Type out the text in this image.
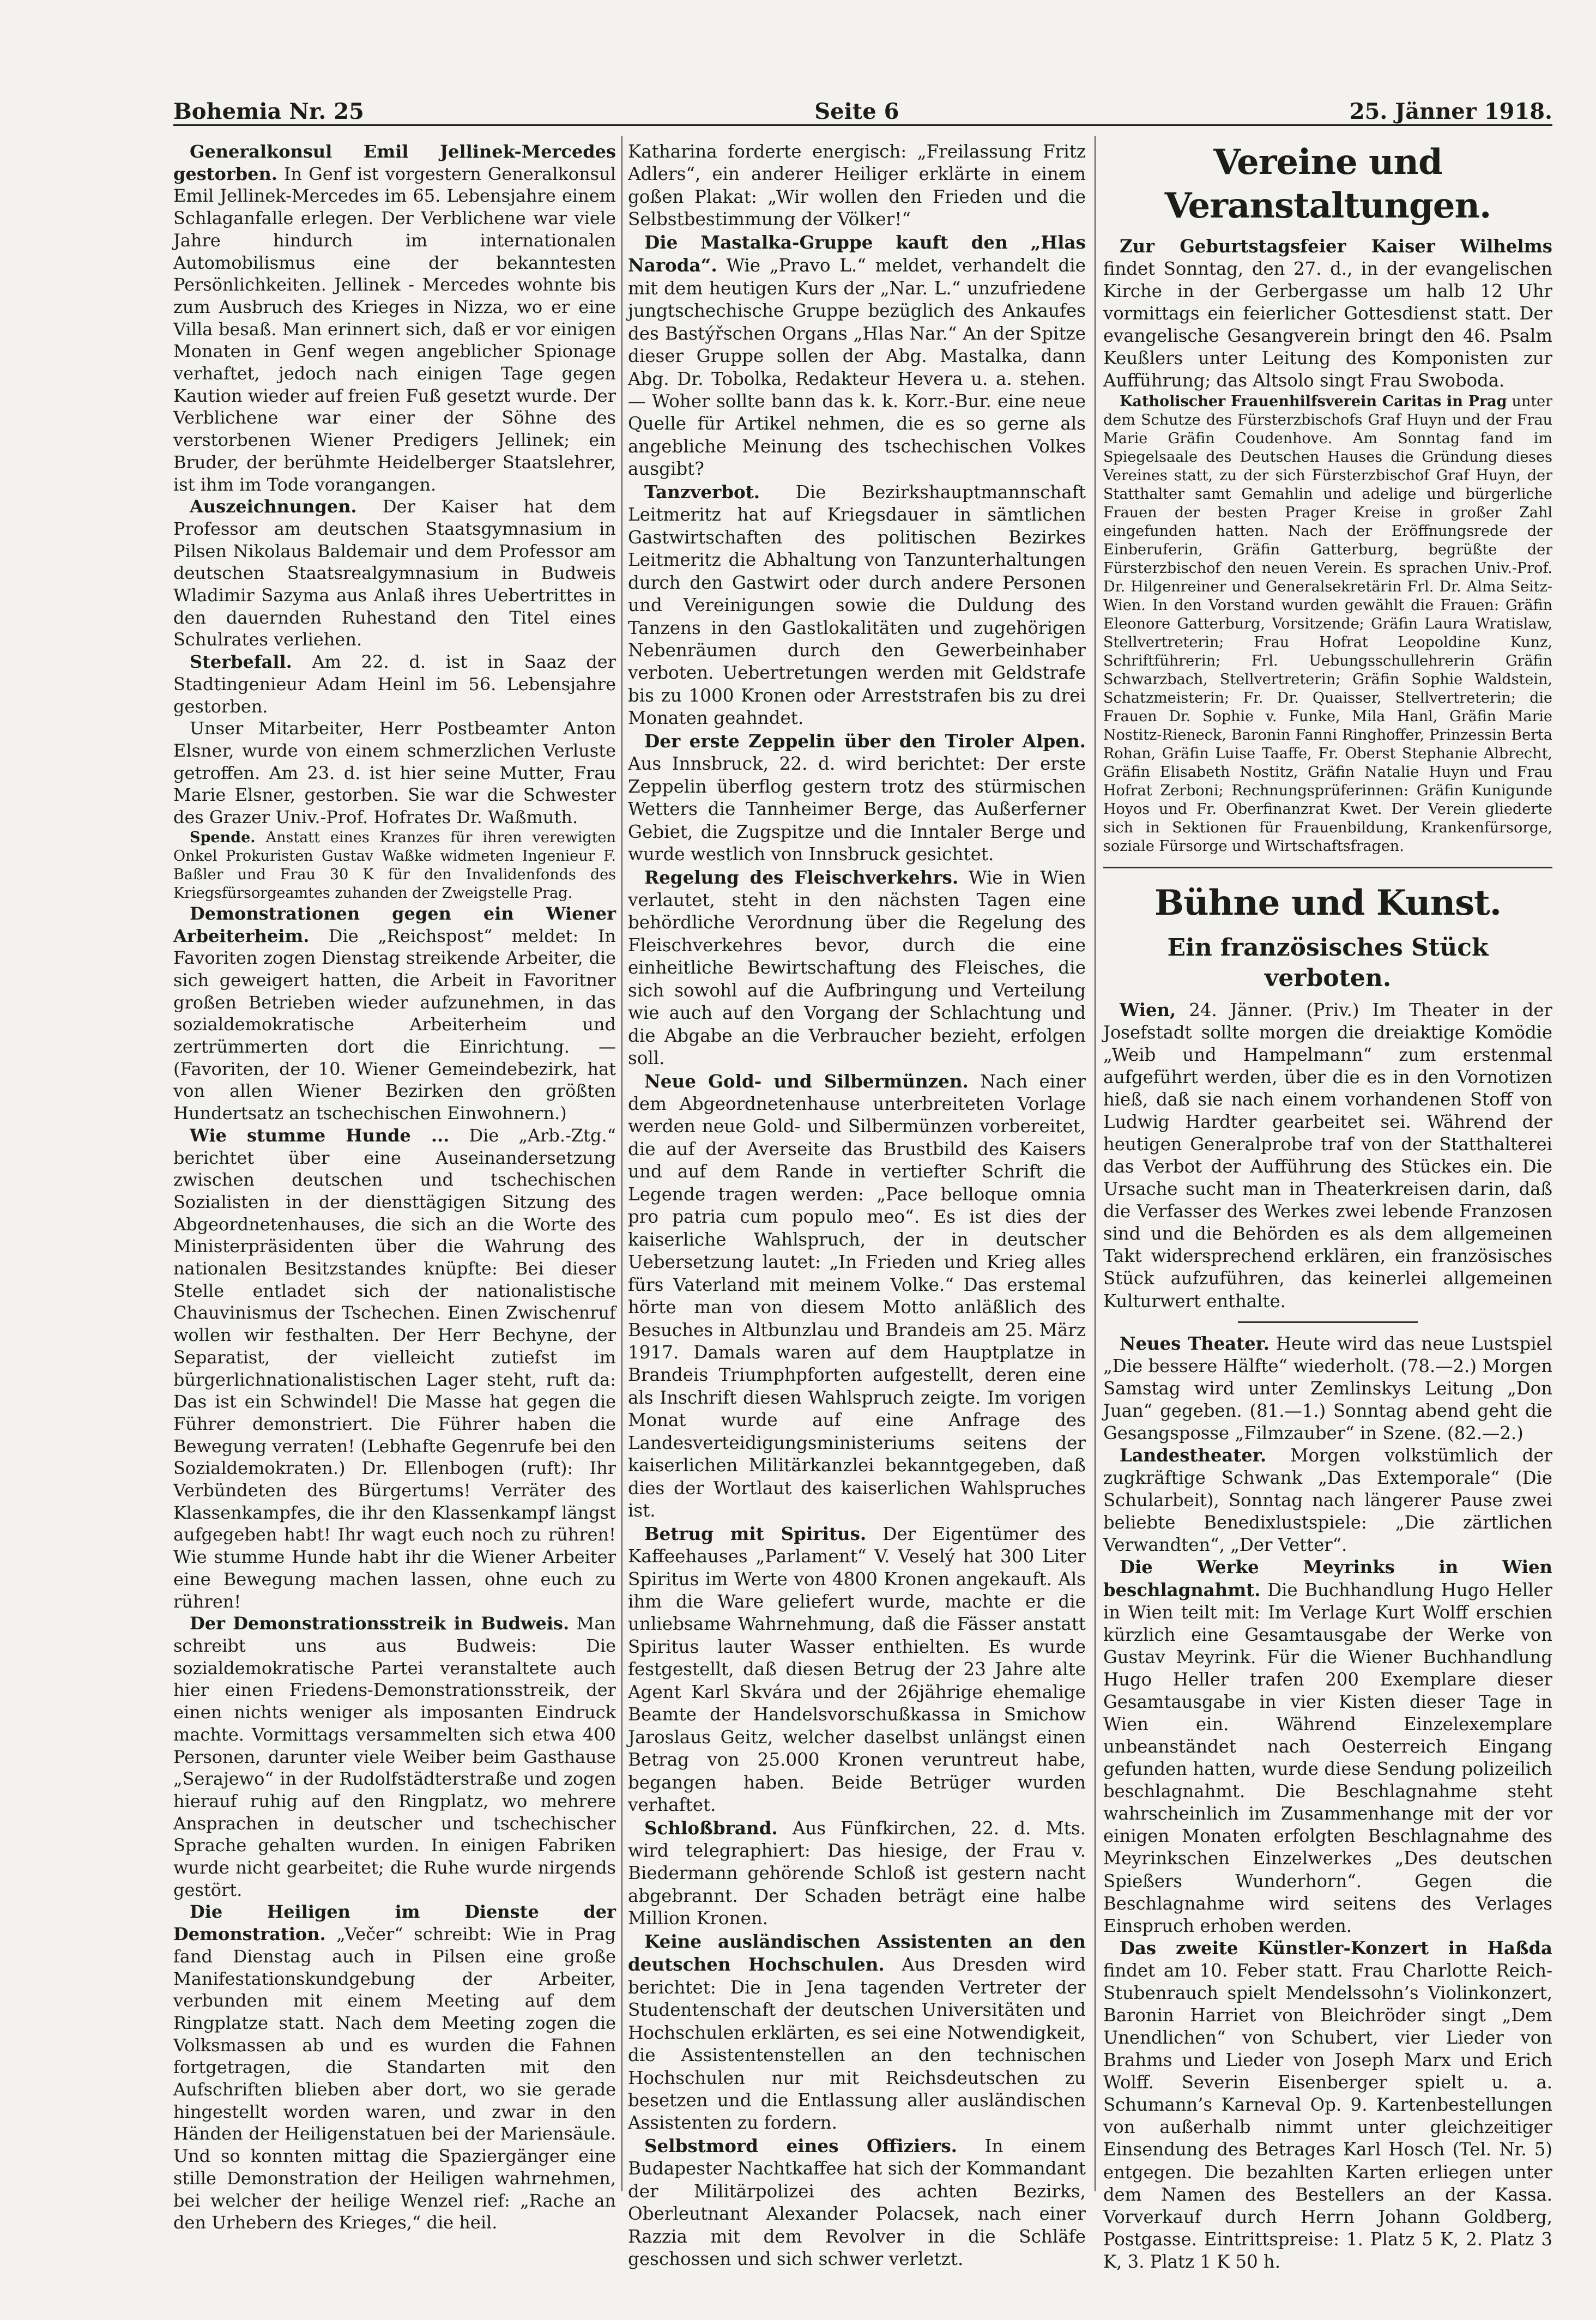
Bohemia Nr. 25	Seite 6	25. Jänner 1918.

Generalkonsul Emil Jellinek-Mercedes gestorben. In Genf ist vorgestern Generalkonsul Emil Jellinek-Mercedes im 65. Lebensjahre einem Schlaganfalle erlegen. Der Verblichene war viele Jahre hindurch im internationalen Automobilismus eine der bekanntesten Persönlichkeiten. Jellinek - Mercedes wohnte bis zum Ausbruch des Krieges in Nizza, wo er eine Villa besaß. Man erinnert sich, daß er vor einigen Monaten in Genf wegen angeblicher Spionage verhaftet, jedoch nach einigen Tage gegen Kaution wieder auf freien Fuß gesetzt wurde. Der Verblichene war einer der Söhne des verstorbenen Wiener Predigers Jellinek; ein Bruder, der berühmte Heidelberger Staatslehrer, ist ihm im Tode vorangangen.

Auszeichnungen. Der Kaiser hat dem Professor am deutschen Staatsgymnasium in Pilsen Nikolaus Baldemair und dem Professor am deutschen Staatsrealgymnasium in Budweis Wladimir Sazyma aus Anlaß ihres Uebertrittes in den dauernden Ruhestand den Titel eines Schulrates verliehen.

Sterbefall. Am 22. d. ist in Saaz der Stadtingenieur Adam Heinl im 56. Lebensjahre gestorben.

Unser Mitarbeiter, Herr Postbeamter Anton Elsner, wurde von einem schmerzlichen Verluste getroffen. Am 23. d. ist hier seine Mutter, Frau Marie Elsner, gestorben. Sie war die Schwester des Grazer Univ.-Prof. Hofrates Dr. Waßmuth.

Spende. Anstatt eines Kranzes für ihren verewigten Onkel Prokuristen Gustav Waßke widmeten Ingenieur F. Baßler und Frau 30 K für den Invalidenfonds des Kriegsfürsorgeamtes zuhanden der Zweigstelle Prag.

Demonstrationen gegen ein Wiener Arbeiterheim. Die „Reichspost“ meldet: In Favoriten zogen Dienstag streikende Arbeiter, die sich geweigert hatten, die Arbeit in Favoritner großen Betrieben wieder aufzunehmen, in das sozialdemokratische Arbeiterheim und zertrümmerten dort die Einrichtung. — (Favoriten, der 10. Wiener Gemeindebezirk, hat von allen Wiener Bezirken den größten Hundertsatz an tschechischen Einwohnern.)

Wie stumme Hunde ... Die „Arb.-Ztg.“ berichtet über eine Auseinandersetzung zwischen deutschen und tschechischen Sozialisten in der diensttägigen Sitzung des Abgeordnetenhauses, die sich an die Worte des Ministerpräsidenten über die Wahrung des nationalen Besitzstandes knüpfte: Bei dieser Stelle entladet sich der nationalistische Chauvinismus der Tschechen. Einen Zwischenruf wollen wir festhalten. Der Herr Bechyne, der Separatist, der vielleicht zutiefst im bürgerlichnationalistischen Lager steht, ruft da: Das ist ein Schwindel! Die Masse hat gegen die Führer demonstriert. Die Führer haben die Bewegung verraten! (Lebhafte Gegenrufe bei den Sozialdemokraten.) Dr. Ellenbogen (ruft): Ihr Verbündeten des Bürgertums! Verräter des Klassenkampfes, die ihr den Klassenkampf längst aufgegeben habt! Ihr wagt euch noch zu rühren! Wie stumme Hunde habt ihr die Wiener Arbeiter eine Bewegung machen lassen, ohne euch zu rühren!

Der Demonstrationsstreik in Budweis. Man schreibt uns aus Budweis: Die sozialdemokratische Partei veranstaltete auch hier einen Friedens-Demonstrationsstreik, der einen nichts weniger als imposanten Eindruck machte. Vormittags versammelten sich etwa 400 Personen, darunter viele Weiber beim Gasthause „Serajewo“ in der Rudolfstädterstraße und zogen hierauf ruhig auf den Ringplatz, wo mehrere Ansprachen in deutscher und tschechischer Sprache gehalten wurden. In einigen Fabriken wurde nicht gearbeitet; die Ruhe wurde nirgends gestört.

Die Heiligen im Dienste der Demonstration. „Večer“ schreibt: Wie in Prag fand Dienstag auch in Pilsen eine große Manifestationskundgebung der Arbeiter, verbunden mit einem Meeting auf dem Ringplatze statt. Nach dem Meeting zogen die Volksmassen ab und es wurden die Fahnen fortgetragen, die Standarten mit den Aufschriften blieben aber dort, wo sie gerade hingestellt worden waren, und zwar in den Händen der Heiligenstatuen bei der Mariensäule. Und so konnten mittag die Spaziergänger eine stille Demonstration der Heiligen wahrnehmen, bei welcher der heilige Wenzel rief: „Rache an den Urhebern des Krieges,“ die heil.

Katharina forderte energisch: „Freilassung Fritz Adlers“, ein anderer Heiliger erklärte in einem goßen Plakat: „Wir wollen den Frieden und die Selbstbestimmung der Völker!“

Die Mastalka-Gruppe kauft den „Hlas Naroda“. Wie „Pravo L.“ meldet, verhandelt die mit dem heutigen Kurs der „Nar. L.“ unzufriedene jungtschechische Gruppe bezüglich des Ankaufes des Bastýřschen Organs „Hlas Nar.“ An der Spitze dieser Gruppe sollen der Abg. Mastalka, dann Abg. Dr. Tobolka, Redakteur Hevera u. a. stehen. — Woher sollte bann das k. k. Korr.-Bur. eine neue Quelle für Artikel nehmen, die es so gerne als angebliche Meinung des tschechischen Volkes ausgibt?

Tanzverbot. Die Bezirkshauptmannschaft Leitmeritz hat auf Kriegsdauer in sämtlichen Gastwirtschaften des politischen Bezirkes Leitmeritz die Abhaltung von Tanzunterhaltungen durch den Gastwirt oder durch andere Personen und Vereinigungen sowie die Duldung des Tanzens in den Gastlokalitäten und zugehörigen Nebenräumen durch den Gewerbeinhaber verboten. Uebertretungen werden mit Geldstrafe bis zu 1000 Kronen oder Arreststrafen bis zu drei Monaten geahndet.

Der erste Zeppelin über den Tiroler Alpen. Aus Innsbruck, 22. d. wird berichtet: Der erste Zeppelin überflog gestern trotz des stürmischen Wetters die Tannheimer Berge, das Außerferner Gebiet, die Zugspitze und die Inntaler Berge und wurde westlich von Innsbruck gesichtet.

Regelung des Fleischverkehrs. Wie in Wien verlautet, steht in den nächsten Tagen eine behördliche Verordnung über die Regelung des Fleischverkehres bevor, durch die eine einheitliche Bewirtschaftung des Fleisches, die sich sowohl auf die Aufbringung und Verteilung wie auch auf den Vorgang der Schlachtung und die Abgabe an die Verbraucher bezieht, erfolgen soll.

Neue Gold- und Silbermünzen. Nach einer dem Abgeordnetenhause unterbreiteten Vorlage werden neue Gold- und Silbermünzen vorbereitet, die auf der Averseite das Brustbild des Kaisers und auf dem Rande in vertiefter Schrift die Legende tragen werden: „Pace belloque omnia pro patria cum populo meo“. Es ist dies der kaiserliche Wahlspruch, der in deutscher Uebersetzung lautet: „In Frieden und Krieg alles fürs Vaterland mit meinem Volke.“ Das erstemal hörte man von diesem Motto anläßlich des Besuches in Altbunzlau und Brandeis am 25. März 1917. Damals waren auf dem Hauptplatze in Brandeis Triumphpforten aufgestellt, deren eine als Inschrift diesen Wahlspruch zeigte. Im vorigen Monat wurde auf eine Anfrage des Landesverteidigungsministeriums seitens der kaiserlichen Militärkanzlei bekanntgegeben, daß dies der Wortlaut des kaiserlichen Wahlspruches ist.

Betrug mit Spiritus. Der Eigentümer des Kaffeehauses „Parlament“ V. Veselý hat 300 Liter Spiritus im Werte von 4800 Kronen angekauft. Als ihm die Ware geliefert wurde, machte er die unliebsame Wahrnehmung, daß die Fässer anstatt Spiritus lauter Wasser enthielten. Es wurde festgestellt, daß diesen Betrug der 23 Jahre alte Agent Karl Skvára und der 26jährige ehemalige Beamte der Handelsvorschußkassa in Smichow Jaroslaus Geitz, welcher daselbst unlängst einen Betrag von 25.000 Kronen veruntreut habe, begangen haben. Beide Betrüger wurden verhaftet.

Schloßbrand. Aus Fünfkirchen, 22. d. Mts. wird telegraphiert: Das hiesige, der Frau v. Biedermann gehörende Schloß ist gestern nacht abgebrannt. Der Schaden beträgt eine halbe Million Kronen.

Keine ausländischen Assistenten an den deutschen Hochschulen. Aus Dresden wird berichtet: Die in Jena tagenden Vertreter der Studentenschaft der deutschen Universitäten und Hochschulen erklärten, es sei eine Notwendigkeit, die Assistentenstellen an den technischen Hochschulen nur mit Reichsdeutschen zu besetzen und die Entlassung aller ausländischen Assistenten zu fordern.

Selbstmord eines Offiziers. In einem Budapester Nachtkaffee hat sich der Kommandant der Militärpolizei des achten Bezirks, Oberleutnant Alexander Polacsek, nach einer Razzia mit dem Revolver in die Schläfe geschossen und sich schwer verletzt.

Vereine und Veranstaltungen.

Zur Geburtstagsfeier Kaiser Wilhelms findet Sonntag, den 27. d., in der evangelischen Kirche in der Gerbergasse um halb 12 Uhr vormittags ein feierlicher Gottesdienst statt. Der evangelische Gesangverein bringt den 46. Psalm Keußlers unter Leitung des Komponisten zur Aufführung; das Altsolo singt Frau Swoboda.

Katholischer Frauenhilfsverein Caritas in Prag unter dem Schutze des Fürsterzbischofs Graf Huyn und der Frau Marie Gräfin Coudenhove. Am Sonntag fand im Spiegelsaale des Deutschen Hauses die Gründung dieses Vereines statt, zu der sich Fürsterzbischof Graf Huyn, der Statthalter samt Gemahlin und adelige und bürgerliche Frauen der besten Prager Kreise in großer Zahl eingefunden hatten. Nach der Eröffnungsrede der Einberuferin, Gräfin Gatterburg, begrüßte der Fürsterzbischof den neuen Verein. Es sprachen Univ.-Prof. Dr. Hilgenreiner und Generalsekretärin Frl. Dr. Alma Seitz-Wien. In den Vorstand wurden gewählt die Frauen: Gräfin Eleonore Gatterburg, Vorsitzende; Gräfin Laura Wratislaw, Stellvertreterin; Frau Hofrat Leopoldine Kunz, Schriftführerin; Frl. Uebungsschullehrerin Gräfin Schwarzbach, Stellvertreterin; Gräfin Sophie Waldstein, Schatzmeisterin; Fr. Dr. Quaisser, Stellvertreterin; die Frauen Dr. Sophie v. Funke, Mila Hanl, Gräfin Marie Nostitz-Rieneck, Baronin Fanni Ringhoffer, Prinzessin Berta Rohan, Gräfin Luise Taaffe, Fr. Oberst Stephanie Albrecht, Gräfin Elisabeth Nostitz, Gräfin Natalie Huyn und Frau Hofrat Zerboni; Rechnungsprüferinnen: Gräfin Kunigunde Hoyos und Fr. Oberfinanzrat Kwet. Der Verein gliederte sich in Sektionen für Frauenbildung, Krankenfürsorge, soziale Fürsorge und Wirtschaftsfragen.

Bühne und Kunst.
Ein französisches Stück verboten.

Wien, 24. Jänner. (Priv.) Im Theater in der Josefstadt sollte morgen die dreiaktige Komödie „Weib und Hampelmann“ zum erstenmal aufgeführt werden, über die es in den Vornotizen hieß, daß sie nach einem vorhandenen Stoff von Ludwig Hardter gearbeitet sei. Während der heutigen Generalprobe traf von der Statthalterei das Verbot der Aufführung des Stückes ein. Die Ursache sucht man in Theaterkreisen darin, daß die Verfasser des Werkes zwei lebende Franzosen sind und die Behörden es als dem allgemeinen Takt widersprechend erklären, ein französisches Stück aufzuführen, das keinerlei allgemeinen Kulturwert enthalte.

Neues Theater. Heute wird das neue Lustspiel „Die bessere Hälfte“ wiederholt. (78.—2.) Morgen Samstag wird unter Zemlinskys Leitung „Don Juan“ gegeben. (81.—1.) Sonntag abend geht die Gesangsposse „Filmzauber“ in Szene. (82.—2.)

Landestheater. Morgen volkstümlich der zugkräftige Schwank „Das Extemporale“ (Die Schularbeit), Sonntag nach längerer Pause zwei beliebte Benedixlustspiele: „Die zärtlichen Verwandten“, „Der Vetter“.

Die Werke Meyrinks in Wien beschlagnahmt. Die Buchhandlung Hugo Heller in Wien teilt mit: Im Verlage Kurt Wolff erschien kürzlich eine Gesamtausgabe der Werke von Gustav Meyrink. Für die Wiener Buchhandlung Hugo Heller trafen 200 Exemplare dieser Gesamtausgabe in vier Kisten dieser Tage in Wien ein. Während Einzelexemplare unbeanständet nach Oesterreich Eingang gefunden hatten, wurde diese Sendung polizeilich beschlagnahmt. Die Beschlagnahme steht wahrscheinlich im Zusammenhange mit der vor einigen Monaten erfolgten Beschlagnahme des Meyrinkschen Einzelwerkes „Des deutschen Spießers Wunderhorn“. Gegen die Beschlagnahme wird seitens des Verlages Einspruch erhoben werden.

Das zweite Künstler-Konzert in Haßda findet am 10. Feber statt. Frau Charlotte Reich-Stubenrauch spielt Mendelssohn’s Violinkonzert, Baronin Harriet von Bleichröder singt „Dem Unendlichen“ von Schubert, vier Lieder von Brahms und Lieder von Joseph Marx und Erich Wolff. Severin Eisenberger spielt u. a. Schumann’s Karneval Op. 9. Kartenbestellungen von außerhalb nimmt unter gleichzeitiger Einsendung des Betrages Karl Hosch (Tel. Nr. 5) entgegen. Die bezahlten Karten erliegen unter dem Namen des Bestellers an der Kassa. Vorverkauf durch Herrn Johann Goldberg, Postgasse. Eintrittspreise: 1. Platz 5 K, 2. Platz 3 K, 3. Platz 1 K 50 h.
